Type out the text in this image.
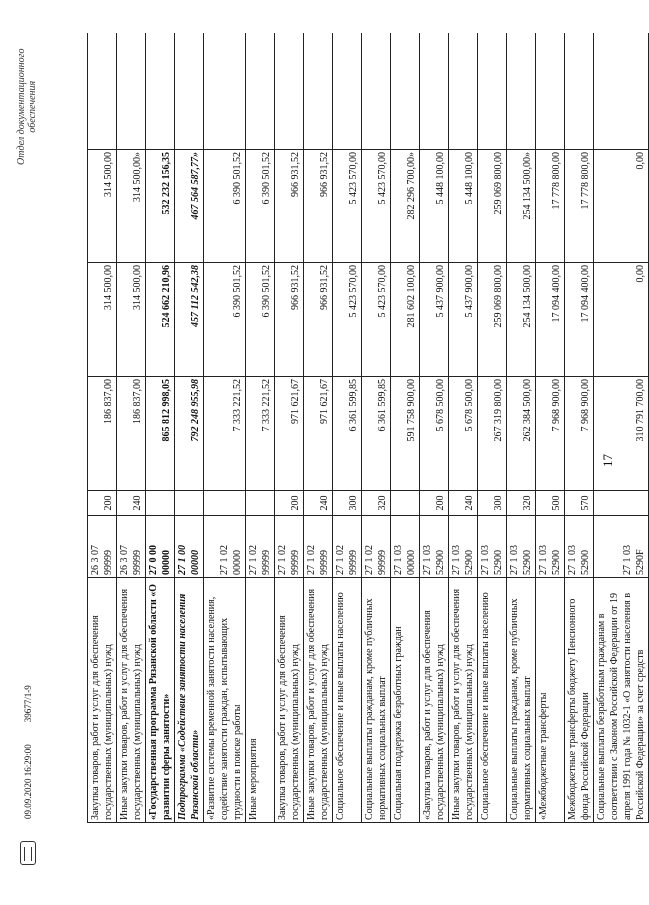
17
Закупка товаров, работ и услуг для обеспечения государственных (муниципальных) нужд
26 3 07 99999
200
186 837,00
314 500,00
314 500,00
Иные закупки товаров, работ и услуг для обеспечения государственных (муниципальных) нужд
26 3 07 99999
240
186 837,00
314 500,00
314 500,00»
«Государственная программа Рязанской области «О развитии сферы занятости»
27 0 00 00000
865 812 998,05
524 662 210,96
532 232 156,35
Подпрограмма «Содействие занятости населения Рязанской области»
27 1 00 00000
792 248 955,98
457 112 542,38
467 564 587,77»
«Развитие системы временной занятости населения, содействие занятости граждан, испытывающих трудности в поиске работы
27 1 02 00000
7 333 221,52
6 390 501,52
6 390 501,52
Иные мероприятия
27 1 02 99999
7 333 221,52
6 390 501,52
6 390 501,52
Закупка товаров, работ и услуг для обеспечения государственных (муниципальных) нужд
27 1 02 99999
200
971 621,67
966 931,52
966 931,52
Иные закупки товаров, работ и услуг для обеспечения государственных (муниципальных) нужд
27 1 02 99999
240
971 621,67
966 931,52
966 931,52
Социальное обеспечение и иные выплаты населению
27 1 02 99999
300
6 361 599,85
5 423 570,00
5 423 570,00
Социальные выплаты гражданам, кроме публичных нормативных социальных выплат
27 1 02 99999
320
6 361 599,85
5 423 570,00
5 423 570,00
Социальная поддержка безработных граждан
27 1 03 00000
591 758 900,00
281 602 100,00
282 296 700,00»
«Закупка товаров, работ и услуг для обеспечения государственных (муниципальных) нужд
27 1 03 52900
200
5 678 500,00
5 437 900,00
5 448 100,00
Иные закупки товаров, работ и услуг для обеспечения государственных (муниципальных) нужд
27 1 03 52900
240
5 678 500,00
5 437 900,00
5 448 100,00
Социальное обеспечение и иные выплаты населению
27 1 03 52900
300
267 319 800,00
259 069 800,00
259 069 800,00
Социальные выплаты гражданам, кроме публичных нормативных социальных выплат
27 1 03 52900
320
262 384 500,00
254 134 500,00
254 134 500,00»
«Межбюджетные трансферты
27 1 03 52900
500
7 968 900,00
17 094 400,00
17 778 800,00
Межбюджетные трансферты бюджету Пенсионного фонда Российской Федерации
27 1 03 52900
570
7 968 900,00
17 094 400,00
17 778 800,00
Социальные выплаты безработным гражданам в соответствии с Законом Российской Федерации от 19 апреля 1991 года № 1032-1 «О занятости населения в Российской Федерации» за счет средств
27 1 03 5290F
310 791 700,00
0,00
0,00
09.09.2020 16:29:00
39677/1-9
Отдел документационного обеспечения
